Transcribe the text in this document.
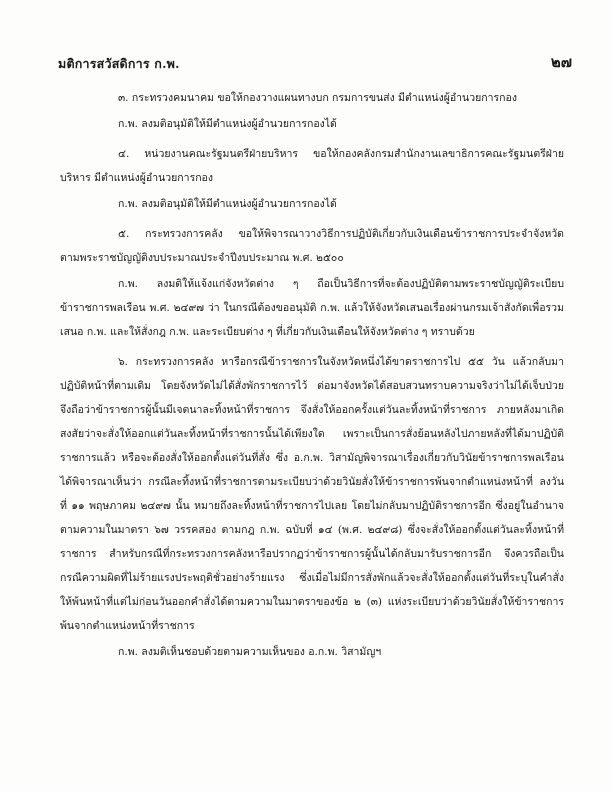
มติการสวัสดิการ ก.พ.	๒๗

๓. กระทรวงคมนาคม ขอให้กองวางแผนทางบก กรมการขนส่ง มีตำแหน่งผู้อำนวยการกอง

ก.พ. ลงมติอนุมัติให้มีตำแหน่งผู้อำนวยการกองได้

๔. หน่วยงานคณะรัฐมนตรีฝ่ายบริหาร ขอให้กองคลังกรมสำนักงานเลขาธิการคณะรัฐมนตรีฝ่ายบริหาร มีตำแหน่งผู้อำนวยการกอง

ก.พ. ลงมติอนุมัติให้มีตำแหน่งผู้อำนวยการกองได้

๕. กระทรวงการคลัง ขอให้พิจารณาวางวิธีการปฏิบัติเกี่ยวกับเงินเดือนข้าราชการประจำจังหวัด ตามพระราชบัญญัติงบประมาณประจำปีงบประมาณ พ.ศ. ๒๕๐๐

ก.พ. ลงมติให้แจ้งแก่จังหวัดต่าง ๆ ถือเป็นวิธีการที่จะต้องปฏิบัติตามพระราชบัญญัติระเบียบข้าราชการพลเรือน พ.ศ. ๒๔๙๗ ว่า ในกรณีต้องขออนุมัติ ก.พ. แล้วให้จังหวัดเสนอเรื่องผ่านกรมเจ้าสังกัดเพื่อรวมเสนอ ก.พ. และให้สั่งกฎ ก.พ. และระเบียบต่าง ๆ ที่เกี่ยวกับเงินเดือนให้จังหวัดต่าง ๆ ทราบด้วย

๖. กระทรวงการคลัง หารือกรณีข้าราชการในจังหวัดหนึ่งได้ขาดราชการไป ๕๕ วัน แล้วกลับมาปฏิบัติหน้าที่ตามเดิม โดยจังหวัดไม่ได้สั่งพักราชการไว้ ต่อมาจังหวัดได้สอบสวนทราบความจริงว่าไม่ได้เจ็บป่วย จึงถือว่าข้าราชการผู้นั้นมีเจตนาละทิ้งหน้าที่ราชการ จึงสั่งให้ออกครั้งแต่วันละทิ้งหน้าที่ราชการ ภายหลังมาเกิดสงสัยว่าจะสั่งให้ออกแต่วันละทิ้งหน้าที่ราชการนั้นได้เพียงใด เพราะเป็นการสั่งย้อนหลังไปภายหลังที่ได้มาปฏิบัติราชการแล้ว หรือจะต้องสั่งให้ออกตั้งแต่วันที่สั่ง ซึ่ง อ.ก.พ. วิสามัญพิจารณาเรื่องเกี่ยวกับวินัยข้าราชการพลเรือนได้พิจารณาเห็นว่า กรณีละทิ้งหน้าที่ราชการตามระเบียบว่าด้วยวินัยสั่งให้ข้าราชการพ้นจากตำแหน่งหน้าที่ ลงวันที่ ๑๑ พฤษภาคม ๒๔๙๗ นั้น หมายถึงละทิ้งหน้าที่ราชการไปเลย โดยไม่กลับมาปฏิบัติราชการอีก ซึ่งอยู่ในอำนาจตามความในมาตรา ๖๗ วรรคสอง ตามกฎ ก.พ. ฉบับที่ ๑๔ (พ.ศ. ๒๔๙๘) ซึ่งจะสั่งให้ออกตั้งแต่วันละทิ้งหน้าที่ราชการ สำหรับกรณีที่กระทรวงการคลังหารือปรากฏว่าข้าราชการผู้นั้นได้กลับมารับราชการอีก จึงควรถือเป็นกรณีความผิดที่ไม่ร้ายแรงประพฤติชั่วอย่างร้ายแรง ซึ่งเมื่อไม่มีการสั่งพักแล้วจะสั่งให้ออกตั้งแต่วันที่ระบุในคำสั่ง ให้พ้นหน้าที่แต่ไม่ก่อนวันออกคำสั่งได้ตามความในมาตราของข้อ ๒ (๓) แห่งระเบียบว่าด้วยวินัยสั่งให้ข้าราชการพ้นจากตำแหน่งหน้าที่ราชการ

ก.พ. ลงมติเห็นชอบด้วยตามความเห็นของ อ.ก.พ. วิสามัญฯ
